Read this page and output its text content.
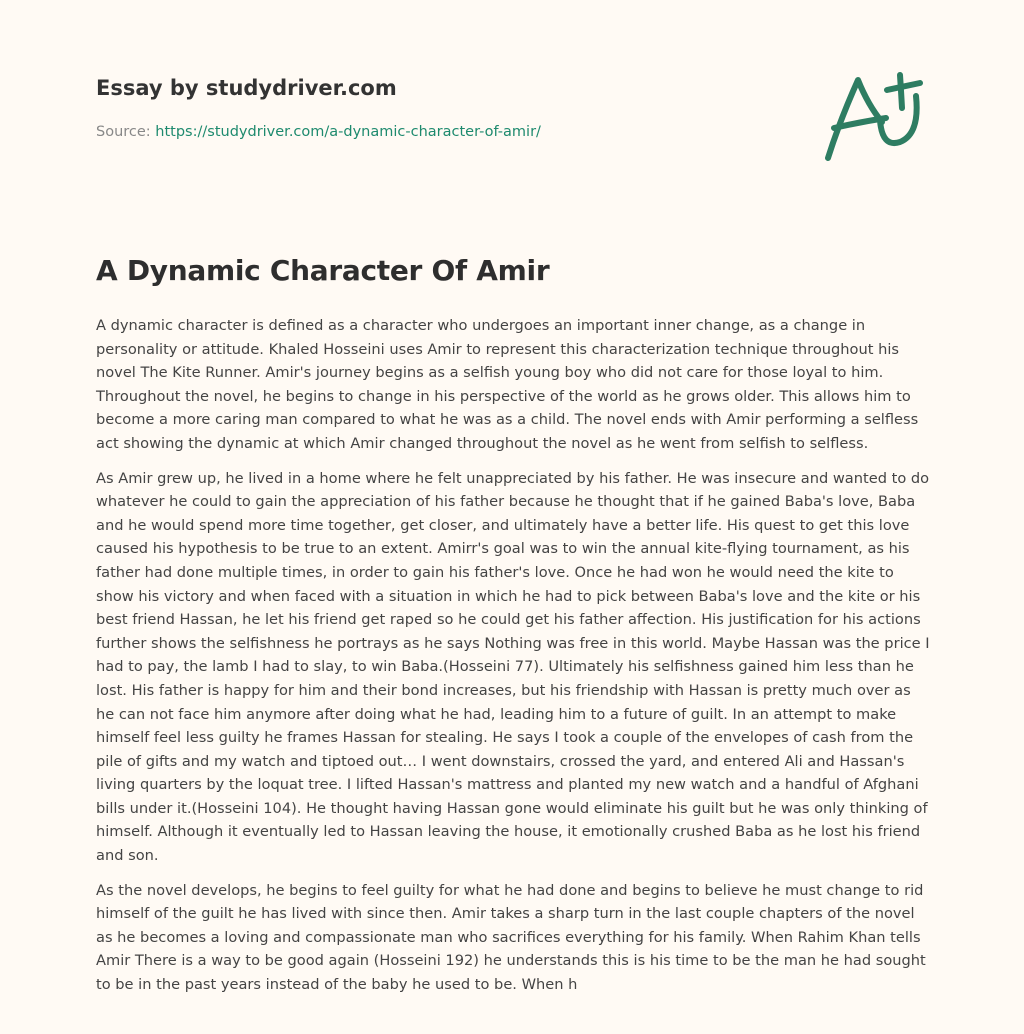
Essay by studydriver.com
Source: https://studydriver.com/a-dynamic-character-of-amir/
A Dynamic Character Of Amir

A dynamic character is defined as a character who undergoes an important inner change, as a change in personality or attitude. Khaled Hosseini uses Amir to represent this characterization technique throughout his novel The Kite Runner. Amir's journey begins as a selfish young boy who did not care for those loyal to him. Throughout the novel, he begins to change in his perspective of the world as he grows older. This allows him to become a more caring man compared to what he was as a child. The novel ends with Amir performing a selfless act showing the dynamic at which Amir changed throughout the novel as he went from selfish to selfless.

As Amir grew up, he lived in a home where he felt unappreciated by his father. He was insecure and wanted to do whatever he could to gain the appreciation of his father because he thought that if he gained Baba's love, Baba and he would spend more time together, get closer, and ultimately have a better life. His quest to get this love caused his hypothesis to be true to an extent. Amirr's goal was to win the annual kite-flying tournament, as his father had done multiple times, in order to gain his father's love. Once he had won he would need the kite to show his victory and when faced with a situation in which he had to pick between Baba's love and the kite or his best friend Hassan, he let his friend get raped so he could get his father affection. His justification for his actions further shows the selfishness he portrays as he says Nothing was free in this world. Maybe Hassan was the price I had to pay, the lamb I had to slay, to win Baba.(Hosseini 77). Ultimately his selfishness gained him less than he lost. His father is happy for him and their bond increases, but his friendship with Hassan is pretty much over as he can not face him anymore after doing what he had, leading him to a future of guilt. In an attempt to make himself feel less guilty he frames Hassan for stealing. He says I took a couple of the envelopes of cash from the pile of gifts and my watch and tiptoed out… I went downstairs, crossed the yard, and entered Ali and Hassan's living quarters by the loquat tree. I lifted Hassan's mattress and planted my new watch and a handful of Afghani bills under it.(Hosseini 104). He thought having Hassan gone would eliminate his guilt but he was only thinking of himself. Although it eventually led to Hassan leaving the house, it emotionally crushed Baba as he lost his friend and son.

As the novel develops, he begins to feel guilty for what he had done and begins to believe he must change to rid himself of the guilt he has lived with since then. Amir takes a sharp turn in the last couple chapters of the novel as he becomes a loving and compassionate man who sacrifices everything for his family. When Rahim Khan tells Amir There is a way to be good again (Hosseini 192) he understands this is his time to be the man he had sought to be in the past years instead of the baby he used to be. When h
